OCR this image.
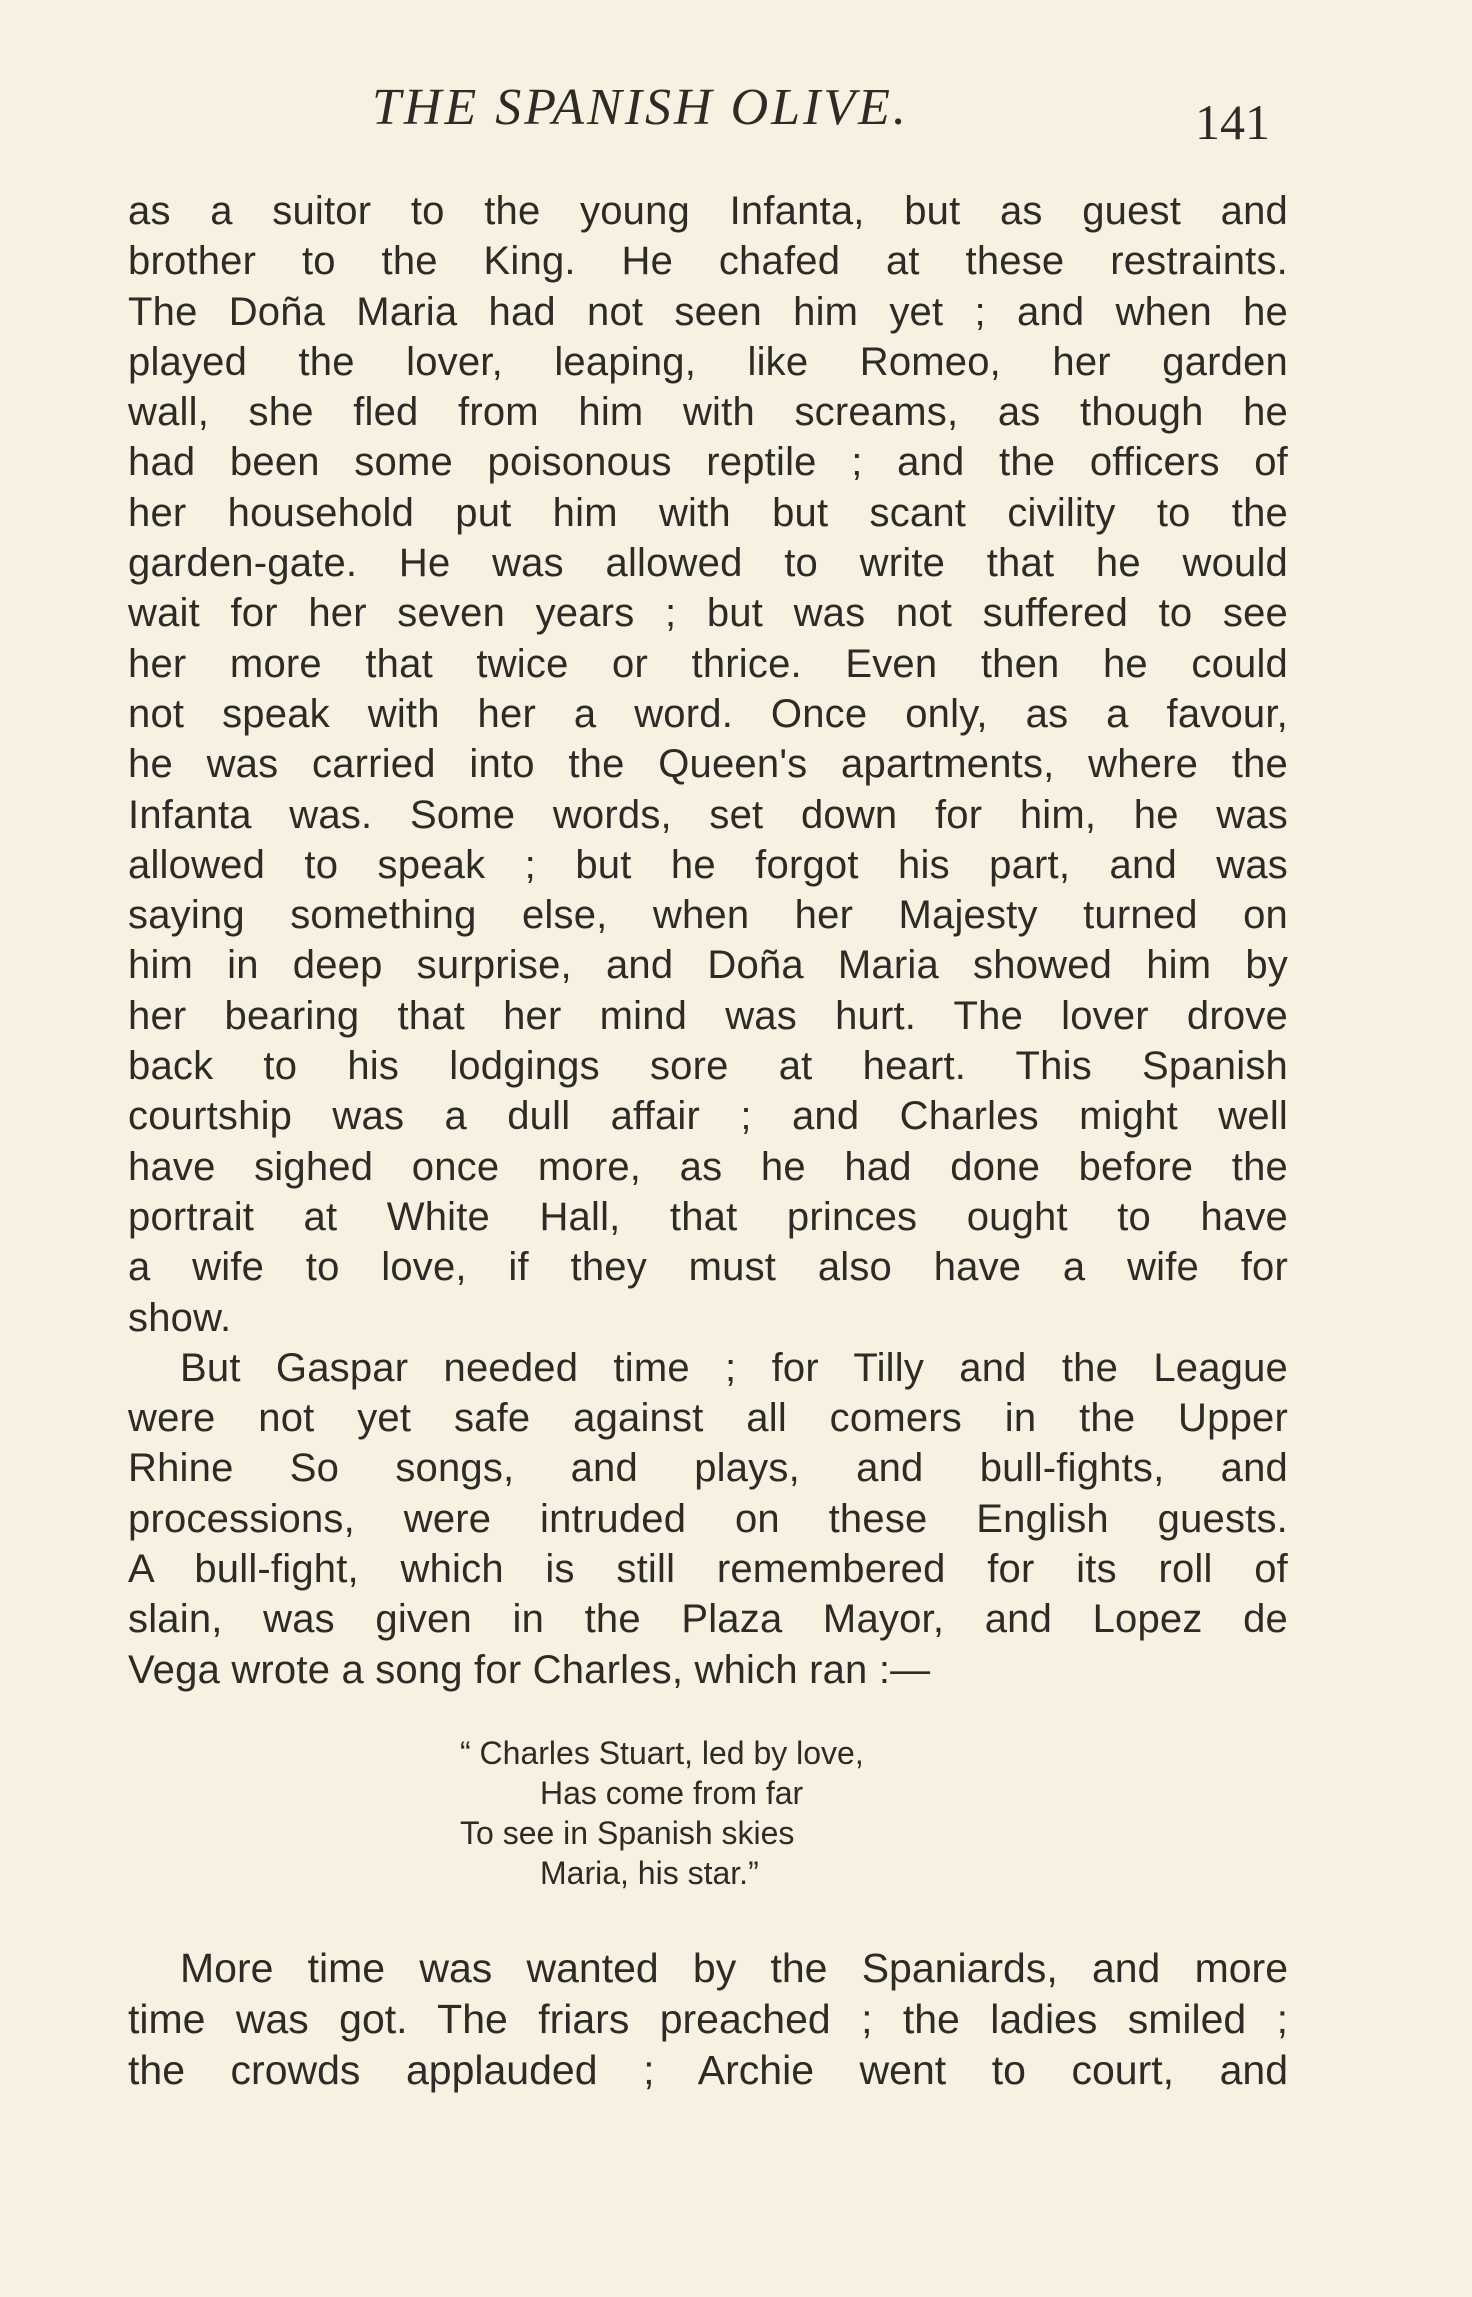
THE SPANISH OLIVE.	141
as a suitor to the young Infanta, but as guest and
brother to the King. He chafed at these restraints.
The Doña Maria had not seen him yet ; and when he
played the lover, leaping, like Romeo, her garden
wall, she fled from him with screams, as though he
had been some poisonous reptile ; and the officers of
her household put him with but scant civility to the
garden-gate. He was allowed to write that he would
wait for her seven years ; but was not suffered to see
her more that twice or thrice. Even then he could
not speak with her a word. Once only, as a favour,
he was carried into the Queen's apartments, where the
Infanta was. Some words, set down for him, he was
allowed to speak ; but he forgot his part, and was
saying something else, when her Majesty turned on
him in deep surprise, and Doña Maria showed him by
her bearing that her mind was hurt. The lover drove
back to his lodgings sore at heart. This Spanish
courtship was a dull affair ; and Charles might well
have sighed once more, as he had done before the
portrait at White Hall, that princes ought to have
a wife to love, if they must also have a wife for
show.
But Gaspar needed time ; for Tilly and the League
were not yet safe against all comers in the Upper
Rhine So songs, and plays, and bull-fights, and
processions, were intruded on these English guests.
A bull-fight, which is still remembered for its roll of
slain, was given in the Plaza Mayor, and Lopez de
Vega wrote a song for Charles, which ran :—
“ Charles Stuart, led by love,
Has come from far
To see in Spanish skies
Maria, his star.”
More time was wanted by the Spaniards, and more
time was got. The friars preached ; the ladies smiled ;
the crowds applauded ; Archie went to court, and
